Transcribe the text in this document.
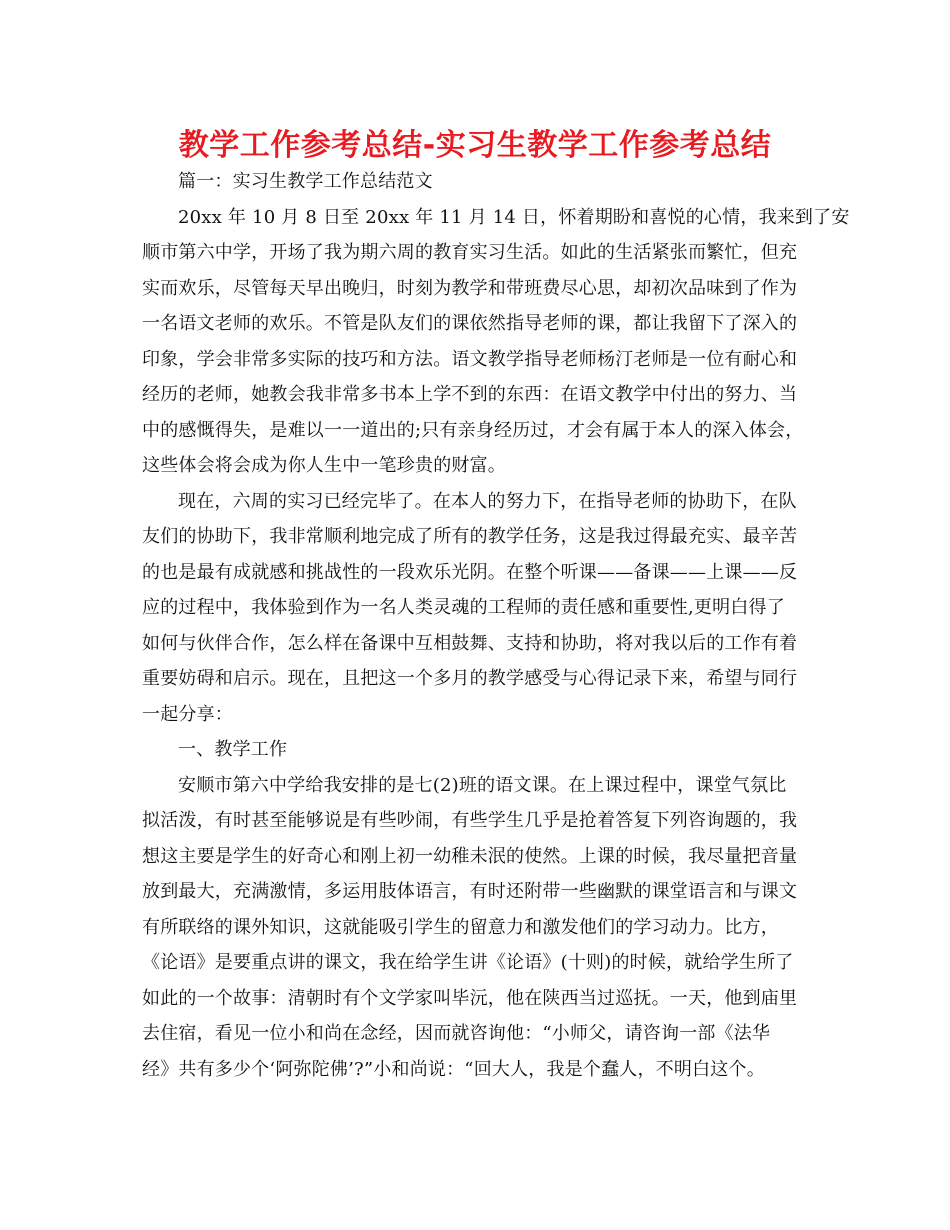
教学工作参考总结-实习生教学工作参考总结
篇一：实习生教学工作总结范文
20xx 年 10 月 8 日至 20xx 年 11 月 14 日，怀着期盼和喜悦的心情，我来到了安
顺市第六中学，开场了我为期六周的教育实习生活。如此的生活紧张而繁忙，但充
实而欢乐，尽管每天早出晚归，时刻为教学和带班费尽心思，却初次品味到了作为
一名语文老师的欢乐。不管是队友们的课依然指导老师的课，都让我留下了深入的
印象，学会非常多实际的技巧和方法。语文教学指导老师杨汀老师是一位有耐心和
经历的老师，她教会我非常多书本上学不到的东西：在语文教学中付出的努力、当
中的感慨得失，是难以一一道出的;只有亲身经历过，才会有属于本人的深入体会，
这些体会将会成为你人生中一笔珍贵的财富。
现在，六周的实习已经完毕了。在本人的努力下，在指导老师的协助下，在队
友们的协助下，我非常顺利地完成了所有的教学任务，这是我过得最充实、最辛苦
的也是最有成就感和挑战性的一段欢乐光阴。在整个听课——备课——上课——反
应的过程中，我体验到作为一名人类灵魂的工程师的责任感和重要性,更明白得了
如何与伙伴合作，怎么样在备课中互相鼓舞、支持和协助，将对我以后的工作有着
重要妨碍和启示。现在，且把这一个多月的教学感受与心得记录下来，希望与同行
一起分享：
一、教学工作
安顺市第六中学给我安排的是七(2)班的语文课。在上课过程中，课堂气氛比
拟活泼，有时甚至能够说是有些吵闹，有些学生几乎是抢着答复下列咨询题的，我
想这主要是学生的好奇心和刚上初一幼稚未泯的使然。上课的时候，我尽量把音量
放到最大，充满激情，多运用肢体语言，有时还附带一些幽默的课堂语言和与课文
有所联络的课外知识，这就能吸引学生的留意力和激发他们的学习动力。比方，
《论语》是要重点讲的课文，我在给学生讲《论语》(十则)的时候，就给学生所了
如此的一个故事：清朝时有个文学家叫毕沅，他在陕西当过巡抚。一天，他到庙里
去住宿，看见一位小和尚在念经，因而就咨询他：“小师父，请咨询一部《法华
经》共有多少个‘阿弥陀佛’?”小和尚说：“回大人，我是个蠢人，不明白这个。
